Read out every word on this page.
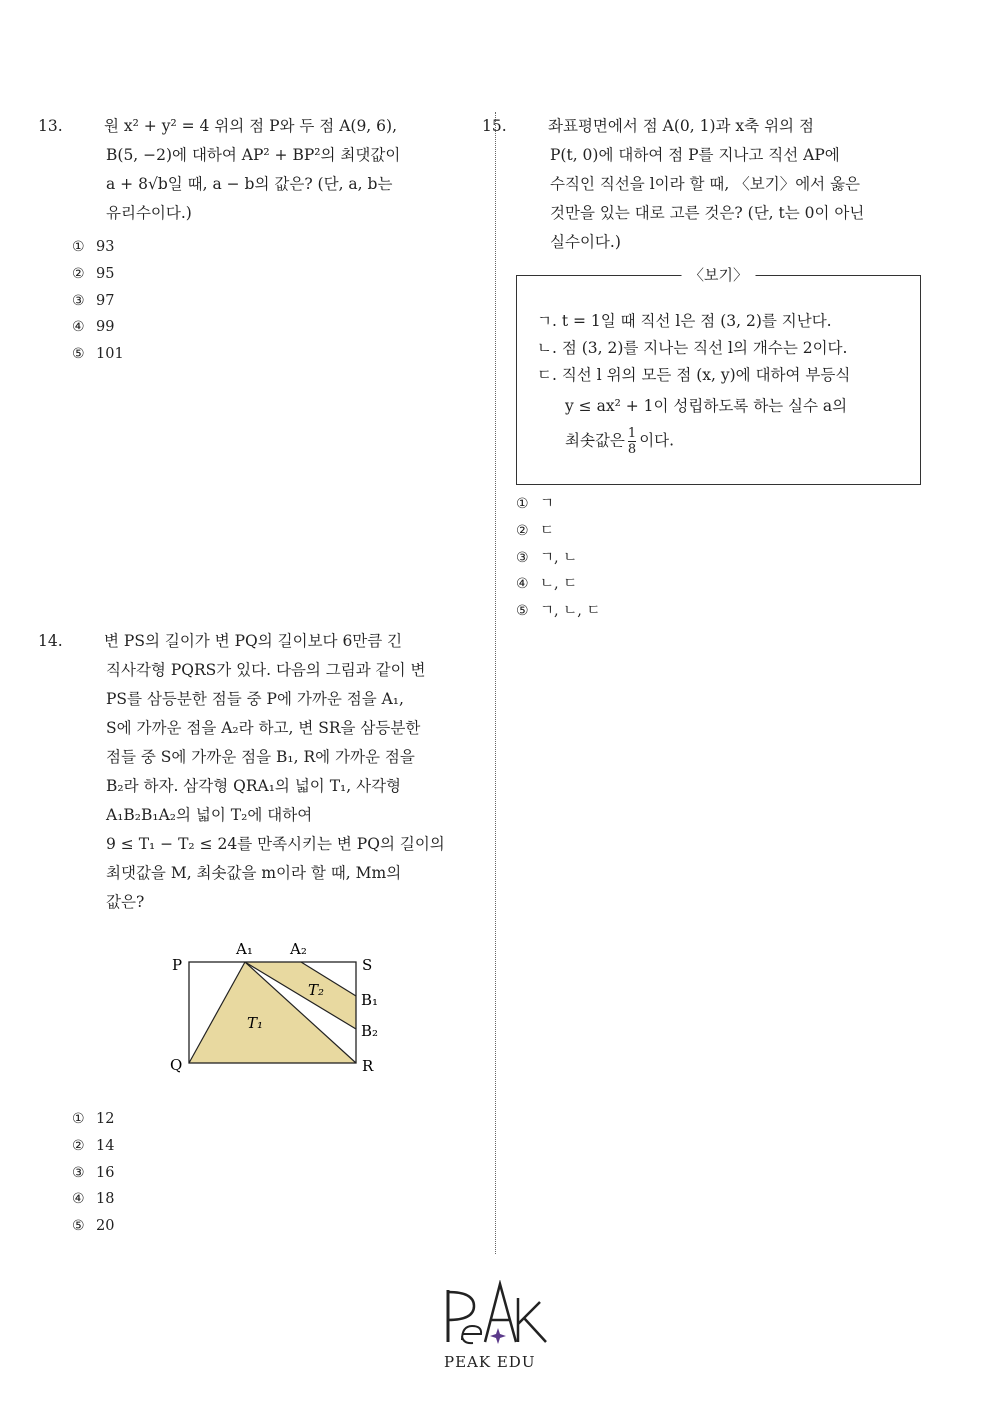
13.	원 x² + y² = 4 위의 점 P와 두 점 A(9, 6),
B(5, −2)에 대하여 AP² + BP²의 최댓값이
a + 8√b일 때, a − b의 값은? (단, a, b는
유리수이다.)
① 93
② 95
③ 97
④ 99
⑤ 101
14.	변 PS의 길이가 변 PQ의 길이보다 6만큼 긴
직사각형 PQRS가 있다. 다음의 그림과 같이 변
PS를 삼등분한 점들 중 P에 가까운 점을 A₁,
S에 가까운 점을 A₂라 하고, 변 SR을 삼등분한
점들 중 S에 가까운 점을 B₁, R에 가까운 점을
B₂라 하자. 삼각형 QRA₁의 넓이 T₁, 사각형
A₁B₂B₁A₂의 넓이 T₂에 대하여
9 ≤ T₁ − T₂ ≤ 24를 만족시키는 변 PQ의 길이의
최댓값을 M, 최솟값을 m이라 할 때, Mm의
값은?
① 12
② 14
③ 16
④ 18
⑤ 20
P	S
Q	R
A₁ A₂
B₁
B₂
T₁
T₂
15.	좌표평면에서 점 A(0, 1)과 x축 위의 점
P(t, 0)에 대하여 점 P를 지나고 직선 AP에
수직인 직선을 l이라 할 때, 〈보기〉에서 옳은
것만을 있는 대로 고른 것은? (단, t는 0이 아닌
실수이다.)
〈보기〉
ㄱ. t = 1일 때 직선 l은 점 (3, 2)를 지난다.
ㄴ. 점 (3, 2)를 지나는 직선 l의 개수는 2이다.
ㄷ. 직선 l 위의 모든 점 (x, y)에 대하여 부등식
y ≤ ax² + 1이 성립하도록 하는 실수 a의
최솟값은 $\frac{1}{8}$ 이다.
① ㄱ
② ㄷ
③ ㄱ, ㄴ
④ ㄴ, ㄷ
⑤ ㄱ, ㄴ, ㄷ
PEAK EDU
